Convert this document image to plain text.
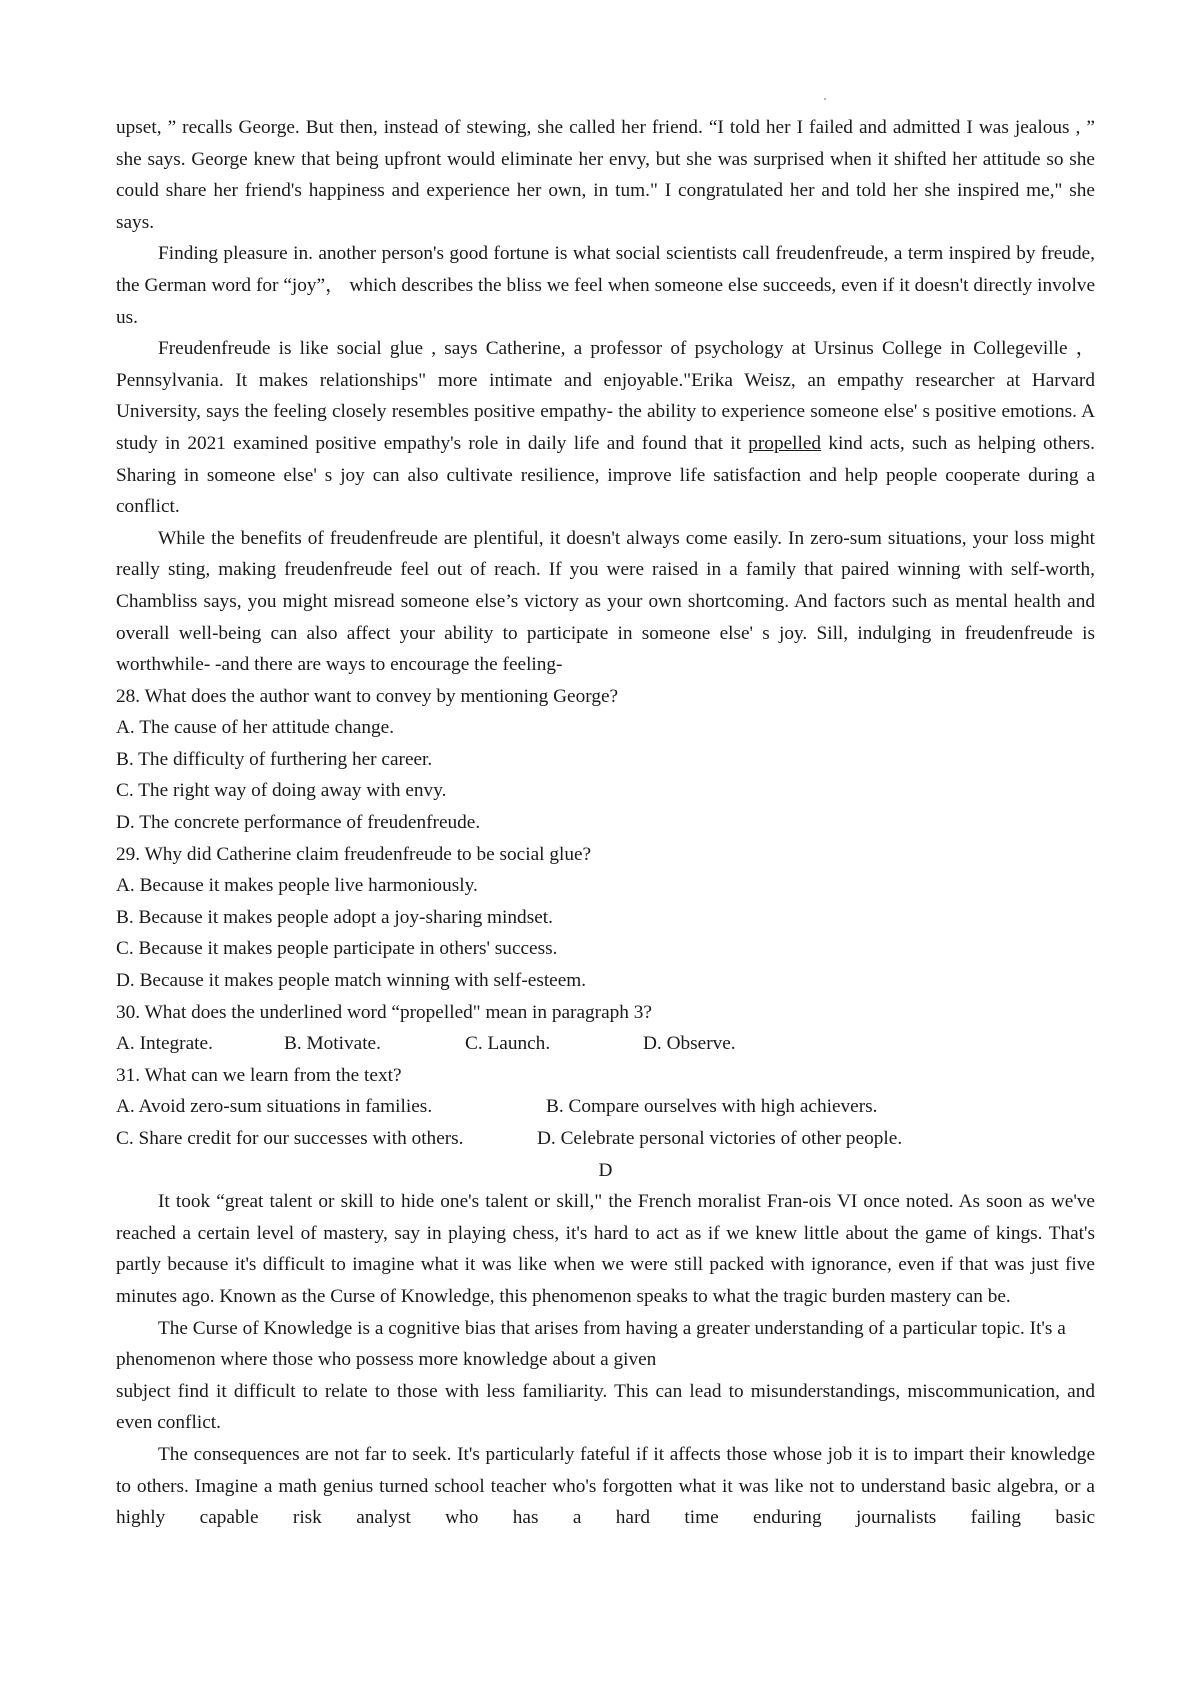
upset, ” recalls George. But then, instead of stewing, she called her friend. “I told her I failed and admitted I was jealous , ” she says. George knew that being upfront would eliminate her envy, but she was surprised when it shifted her attitude so she could share her friend's happiness and experience her own, in tum." I congratulated her and told her she inspired me," she says.

Finding pleasure in. another person's good fortune is what social scientists call freudenfreude, a term inspired by freude, the German word for “joy”， which describes the bliss we feel when someone else succeeds, even if it doesn't directly involve us.

Freudenfreude is like social glue , says Catherine, a professor of psychology at Ursinus College in Collegeville ， Pennsylvania. It makes relationships" more intimate and enjoyable."Erika Weisz, an empathy researcher at Harvard University, says the feeling closely resembles positive empathy- the ability to experience someone else' s positive emotions. A study in 2021 examined positive empathy's role in daily life and found that it propelled kind acts, such as helping others. Sharing in someone else' s joy can also cultivate resilience, improve life satisfaction and help people cooperate during a conflict.

While the benefits of freudenfreude are plentiful, it doesn't always come easily. In zero-sum situations, your loss might really sting, making freudenfreude feel out of reach. If you were raised in a family that paired winning with self-worth, Chambliss says, you might misread someone else’s victory as your own shortcoming. And factors such as mental health and overall well-being can also affect your ability to participate in someone else' s joy. Sill, indulging in freudenfreude is worthwhile- -and there are ways to encourage the feeling-

28. What does the author want to convey by mentioning George?

A. The cause of her attitude change.

B. The difficulty of furthering her career.

C. The right way of doing away with envy.

D. The concrete performance of freudenfreude.

29. Why did Catherine claim freudenfreude to be social glue?

A. Because it makes people live harmoniously.

B. Because it makes people adopt a joy-sharing mindset.

C. Because it makes people participate in others' success.

D. Because it makes people match winning with self-esteem.

30. What does the underlined word “propelled" mean in paragraph 3?

A. Integrate.	B. Motivate.	C. Launch.	D. Observe.

31. What can we learn from the text?

A. Avoid zero-sum situations in families.	B. Compare ourselves with high achievers.
C. Share credit for our successes with others.	D. Celebrate personal victories of other people.

D

It took “great talent or skill to hide one's talent or skill," the French moralist Fran-ois VI once noted. As soon as we've reached a certain level of mastery, say in playing chess, it's hard to act as if we knew little about the game of kings. That's partly because it's difficult to imagine what it was like when we were still packed with ignorance, even if that was just five minutes ago. Known as the Curse of Knowledge, this phenomenon speaks to what the tragic burden mastery can be.

The Curse of Knowledge is a cognitive bias that arises from having a greater understanding of a particular topic. It's a phenomenon where those who possess more knowledge about a given

subject find it difficult to relate to those with less familiarity. This can lead to misunderstandings, miscommunication, and even conflict.

The consequences are not far to seek. It's particularly fateful if it affects those whose job it is to impart their knowledge to others. Imagine a math genius turned school teacher who's forgotten what it was like not to understand basic algebra, or a highly capable risk analyst who has a hard time enduring journalists failing basic
